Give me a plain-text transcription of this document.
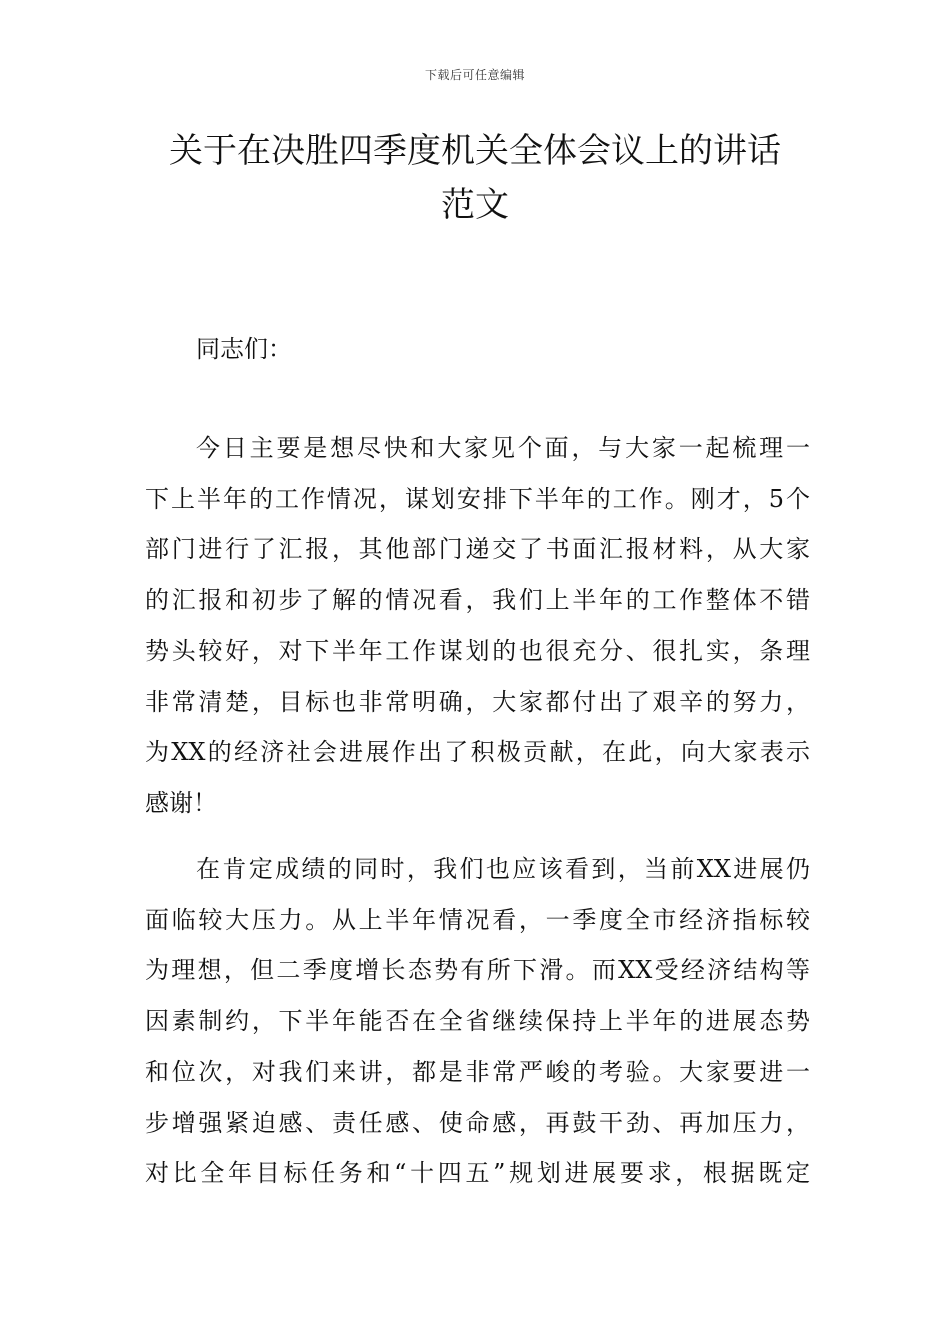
下载后可任意编辑
关于在决胜四季度机关全体会议上的讲话
范文
同志们：
今日主要是想尽快和大家见个面，与大家一起梳理一
下上半年的工作情况，谋划安排下半年的工作。刚才，5个
部门进行了汇报，其他部门递交了书面汇报材料，从大家
的汇报和初步了解的情况看，我们上半年的工作整体不错
势头较好，对下半年工作谋划的也很充分、很扎实，条理
非常清楚，目标也非常明确，大家都付出了艰辛的努力，
为XX的经济社会进展作出了积极贡献，在此，向大家表示
感谢！
在肯定成绩的同时，我们也应该看到，当前XX进展仍
面临较大压力。从上半年情况看，一季度全市经济指标较
为理想，但二季度增长态势有所下滑。而XX受经济结构等
因素制约，下半年能否在全省继续保持上半年的进展态势
和位次，对我们来讲，都是非常严峻的考验。大家要进一
步增强紧迫感、责任感、使命感，再鼓干劲、再加压力，
对比全年目标任务和“十四五”规划进展要求，根据既定
